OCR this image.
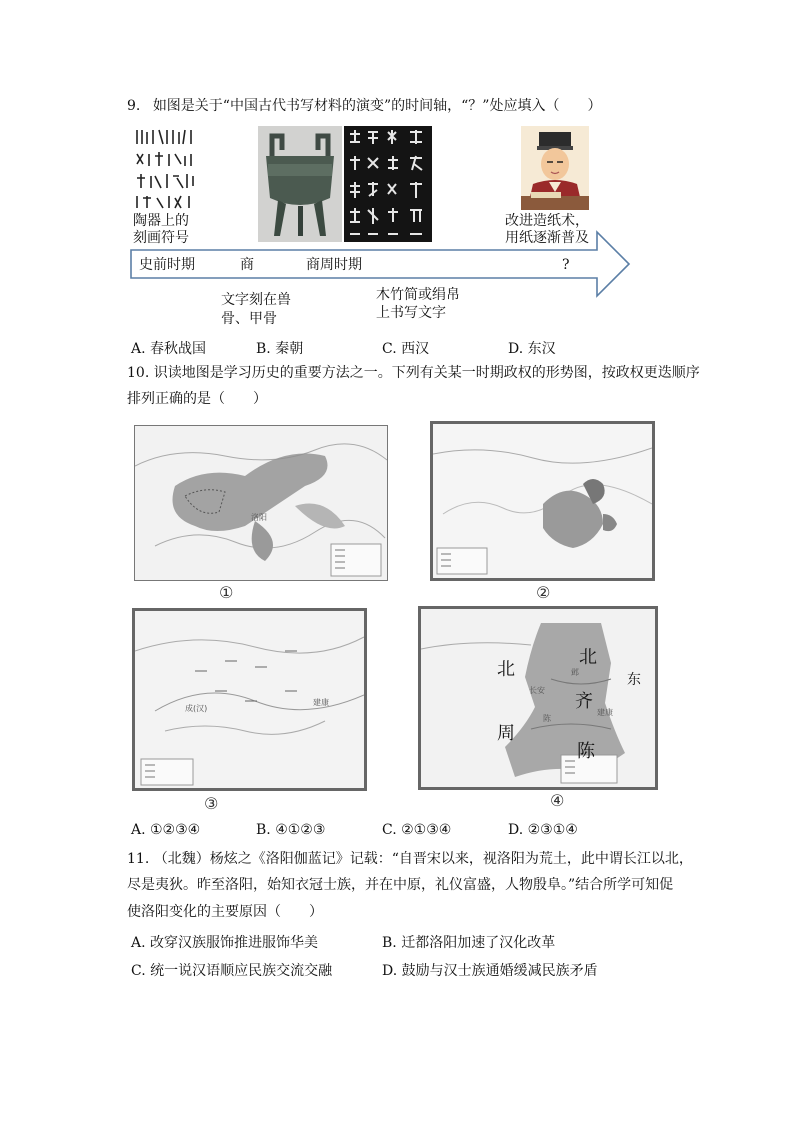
9. 如图是关于“中国古代书写材料的演变”的时间轴，“？”处应填入（　　）
陶器上的
刻画符号
改进造纸术，
用纸逐渐普及
史前时期	商	商周时期	?
文字刻在兽
骨、甲骨
木竹简或绢帛
上书写文字
A. 春秋战国	B. 秦朝	C. 西汉	D. 东汉
10. 识读地图是学习历史的重要方法之一。下列有关某一时期政权的形势图，按政权更迭顺序
排列正确的是（　　）
洛阳
①	②
成(汉)
建康
③
北
北
周
齐
陈
东
长安
邺
建康
陈
④
A. ①②③④	B. ④①②③	C. ②①③④	D. ②③①④
11. （北魏）杨炫之《洛阳伽蓝记》记载：“自晋宋以来，视洛阳为荒土，此中谓长江以北，
尽是夷狄。昨至洛阳，始知衣冠士族，并在中原，礼仪富盛，人物殷阜。”结合所学可知促
使洛阳变化的主要原因（　　）
A. 改穿汉族服饰推进服饰华美	B. 迁都洛阳加速了汉化改革
C. 统一说汉语顺应民族交流交融	D. 鼓励与汉士族通婚缓减民族矛盾
